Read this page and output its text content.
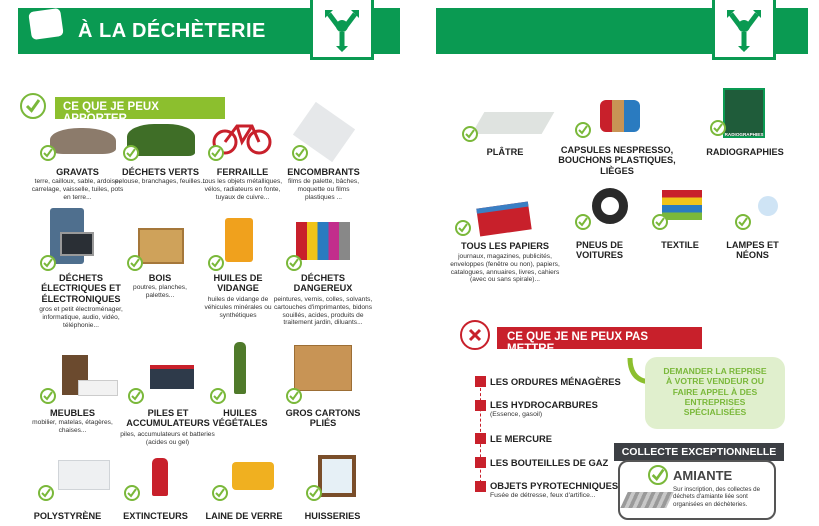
À LA DÉCHÈTERIE
CE QUE JE PEUX APPORTER
GRAVATS
terre, cailloux, sable, ardoise, carrelage, vaisselle, tuiles, pots en terre...
DÉCHETS VERTS
pelouse, branchages, feuilles...
FERRAILLE
tous les objets métalliques, vélos, radiateurs en fonte, tuyaux de cuivre...
ENCOMBRANTS
films de palette, bâches, moquette ou films plastiques ...
DÉCHETS ÉLECTRIQUES ET ÉLECTRONIQUES
gros et petit électroménager, informatique, audio, vidéo, téléphonie...
BOIS
poutres, planches, palettes...
HUILES DE VIDANGE
huiles de vidange de véhicules minérales ou synthétiques
DÉCHETS DANGEREUX
peintures, vernis, colles, solvants, cartouches d'imprimantes, bidons souillés, acides, produits de traitement jardin, diluants...
MEUBLES
mobilier, matelas, étagères, chaises...
PILES ET ACCUMULATEURS
piles, accumulateurs et batteries (acides ou gel)
HUILES VÉGÉTALES
GROS CARTONS PLIÉS
POLYSTYRÈNE	EXTINCTEURS	LAINE DE VERRE	HUISSERIES
PLÂTRE	CAPSULES NESPRESSO, BOUCHONS PLASTIQUES, LIÈGES
RADIOGRAPHIES
RADIOGRAPHIES
TOUS LES PAPIERS
journaux, magazines, publicités, enveloppes (fenêtre ou non), papiers, catalogues, annuaires, livres, cahiers (avec ou sans spirale)...
PNEUS DE VOITURES
TEXTILE	LAMPES ET NÉONS
CE QUE JE NE PEUX PAS METTRE
LES ORDURES MÉNAGÈRES
LES HYDROCARBURES
(Essence, gasoil)
LE MERCURE
LES BOUTEILLES DE GAZ
OBJETS PYROTECHNIQUES
Fusée de détresse, feux d'artifice...
DEMANDER LA REPRISE À VOTRE VENDEUR OU FAIRE APPEL À DES ENTREPRISES SPÉCIALISÉES
COLLECTE EXCEPTIONNELLE
AMIANTE
Sur inscription, des collectes de déchets d'amiante liée sont organisées en déchèteries.
